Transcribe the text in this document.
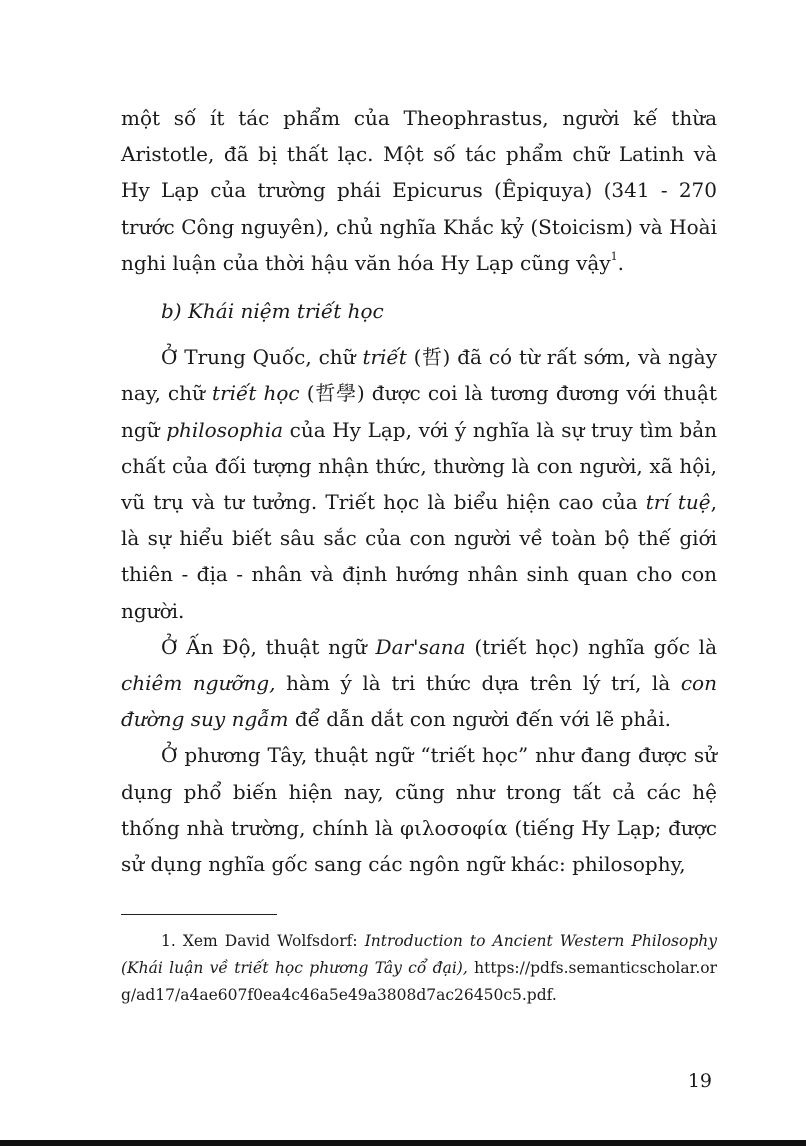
một số ít tác phẩm của Theophrastus, người kế thừa Aristotle, đã bị thất lạc. Một số tác phẩm chữ Latinh và Hy Lạp của trường phái Epicurus (Êpiquya) (341 - 270 trước Công nguyên), chủ nghĩa Khắc kỷ (Stoicism) và Hoài nghi luận của thời hậu văn hóa Hy Lạp cũng vậy$^1$.

b) Khái niệm triết học

Ở Trung Quốc, chữ triết (哲) đã có từ rất sớm, và ngày nay, chữ triết học (哲學) được coi là tương đương với thuật ngữ philosophia của Hy Lạp, với ý nghĩa là sự truy tìm bản chất của đối tượng nhận thức, thường là con người, xã hội, vũ trụ và tư tưởng. Triết học là biểu hiện cao của trí tuệ, là sự hiểu biết sâu sắc của con người về toàn bộ thế giới thiên - địa - nhân và định hướng nhân sinh quan cho con người.

Ở Ấn Độ, thuật ngữ Dar'sana (triết học) nghĩa gốc là chiêm ngưỡng, hàm ý là tri thức dựa trên lý trí, là con đường suy ngẫm để dẫn dắt con người đến với lẽ phải.

Ở phương Tây, thuật ngữ “triết học” như đang được sử dụng phổ biến hiện nay, cũng như trong tất cả các hệ thống nhà trường, chính là φιλοσοφία (tiếng Hy Lạp; được sử dụng nghĩa gốc sang các ngôn ngữ khác: philosophy,

1. Xem David Wolfsdorf: Introduction to Ancient Western Philosophy (Khái luận về triết học phương Tây cổ đại), https://pdfs.semanticscholar.org/ad17/a4ae607f0ea4c46a5e49a3808d7ac26450c5.pdf.

19
